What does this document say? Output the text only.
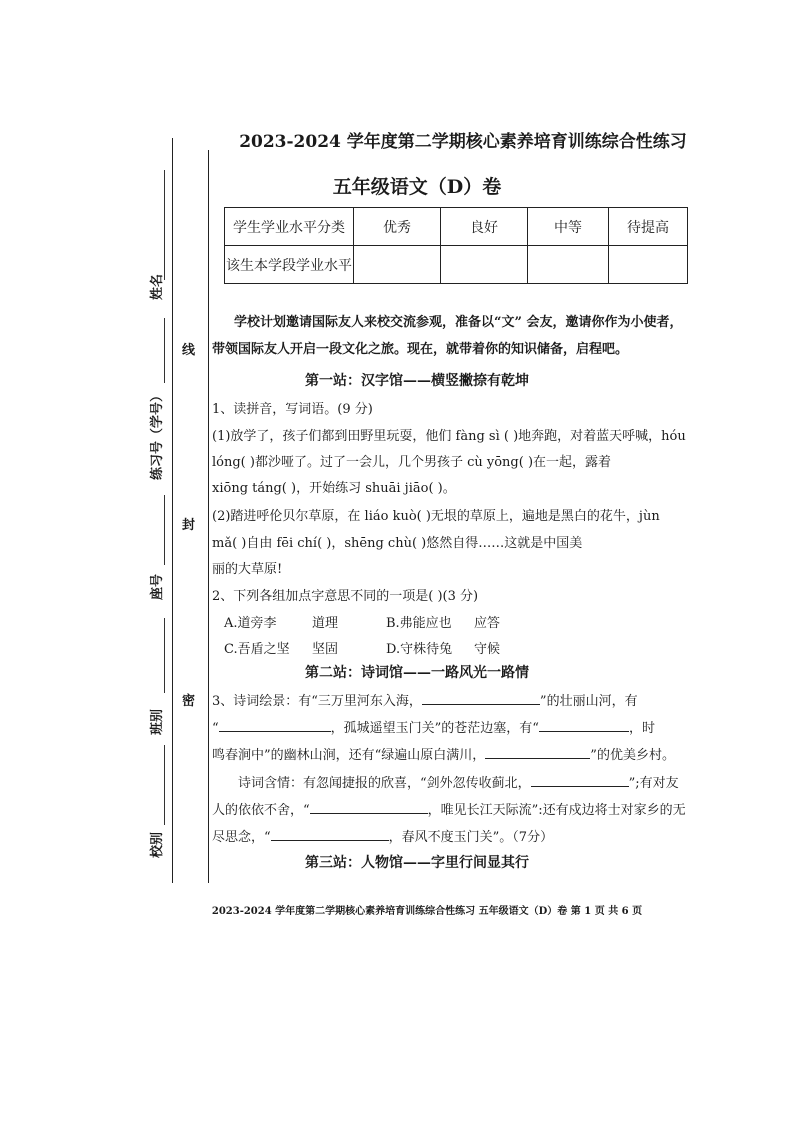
线
封
密
姓名
练习号（学号）
座号
班别
校别
2023-2024 学年度第二学期核心素养培育训练综合性练习
五年级语文（D）卷
学生学业水平分类	优秀	良好	中等	待提高
该生本学段学业水平				
学校计划邀请国际友人来校交流参观，准备以“文” 会友，邀请你作为小使者，
带领国际友人开启一段文化之旅。现在，就带着你的知识储备，启程吧。
第一站：汉字馆——横竖撇捺有乾坤
1、读拼音，写词语。(9 分)
(1)放学了，孩子们都到田野里玩耍，他们 fàng sì ( )地奔跑，对着蓝天呼喊，hóu
lóng( )都沙哑了。过了一会儿，几个男孩子 cù yōng( )在一起，露着
xiōng táng( )，开始练习 shuāi jiāo( )。
(2)踏进呼伦贝尔草原，在 liáo kuò( )无垠的草原上，遍地是黑白的花牛，jùn
mǎ( )自由 fēi chí( )，shēng chù( )悠然自得……这就是中国美
丽的大草原!
2、下列各组加点字意思不同的一项是( )(3 分)
A.道旁李	道理	B.弗能应也 应答
C.吾盾之坚 坚固	D.守株待兔 守候
第二站：诗词馆——一路风光一路情
3、诗词绘景：有“三万里河东入海，	”的壮丽山河，有
“	，孤城遥望玉门关”的苍茫边塞，有“	，时
鸣春涧中”的幽林山涧，还有“绿遍山原白满川，	”的优美乡村。
诗词含情：有忽闻捷报的欣喜，“剑外忽传收蓟北，	”;有对友
人的依依不舍，“	，唯见长江天际流”:还有戍边将士对家乡的无
尽思念，“	，春风不度玉门关”。（7分）
第三站：人物馆——字里行间显其行
2023-2024 学年度第二学期核心素养培育训练综合性练习 五年级语文（D）卷 第 1 页 共 6 页
